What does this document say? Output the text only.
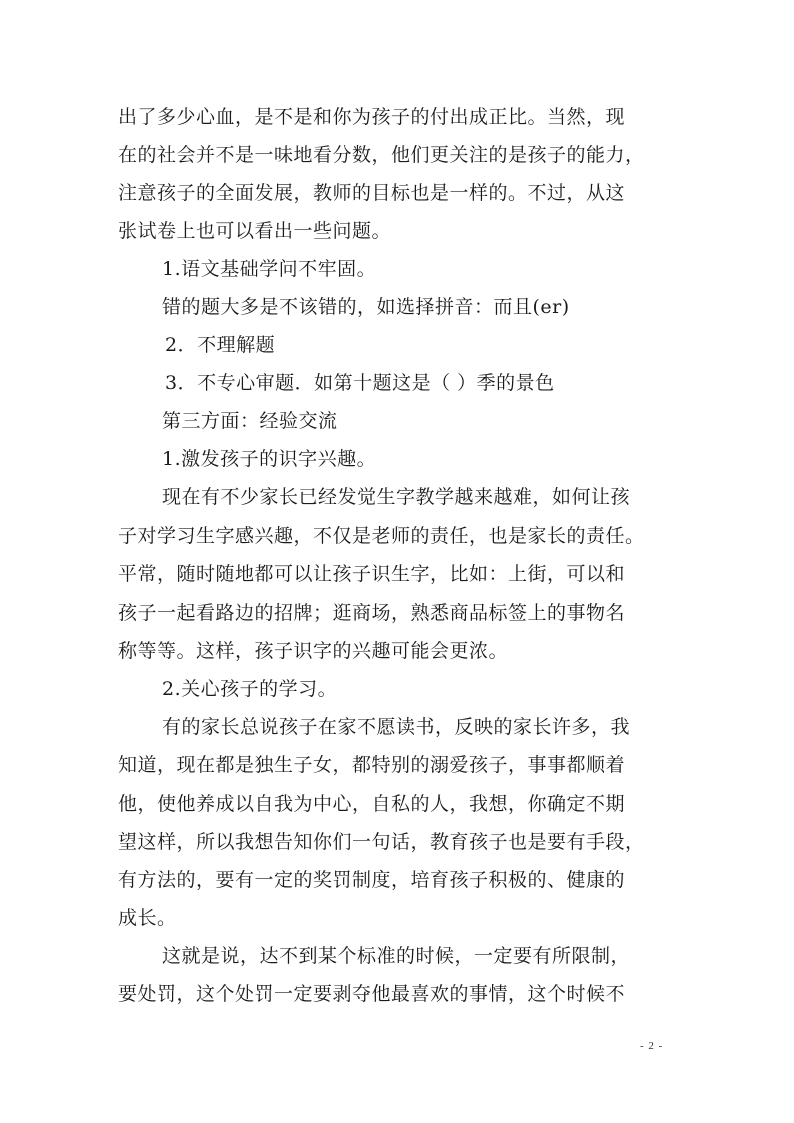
出了多少心血，是不是和你为孩子的付出成正比。当然，现
在的社会并不是一味地看分数，他们更关注的是孩子的能力，
注意孩子的全面发展，教师的目标也是一样的。不过，从这
张试卷上也可以看出一些问题。
1.语文基础学问不牢固。
错的题大多是不该错的，如选择拼音：而且(er)
2．不理解题
3．不专心审题．如第十题这是（ ）季的景色
第三方面：经验交流
1.激发孩子的识字兴趣。
现在有不少家长已经发觉生字教学越来越难，如何让孩
子对学习生字感兴趣，不仅是老师的责任，也是家长的责任。
平常，随时随地都可以让孩子识生字，比如：上街，可以和
孩子一起看路边的招牌；逛商场，熟悉商品标签上的事物名
称等等。这样，孩子识字的兴趣可能会更浓。
2.关心孩子的学习。
有的家长总说孩子在家不愿读书，反映的家长许多，我
知道，现在都是独生子女，都特别的溺爱孩子，事事都顺着
他，使他养成以自我为中心，自私的人，我想，你确定不期
望这样，所以我想告知你们一句话，教育孩子也是要有手段，
有方法的，要有一定的奖罚制度，培育孩子积极的、健康的
成长。
这就是说，达不到某个标准的时候，一定要有所限制，
要处罚，这个处罚一定要剥夺他最喜欢的事情，这个时候不
- 2 -
